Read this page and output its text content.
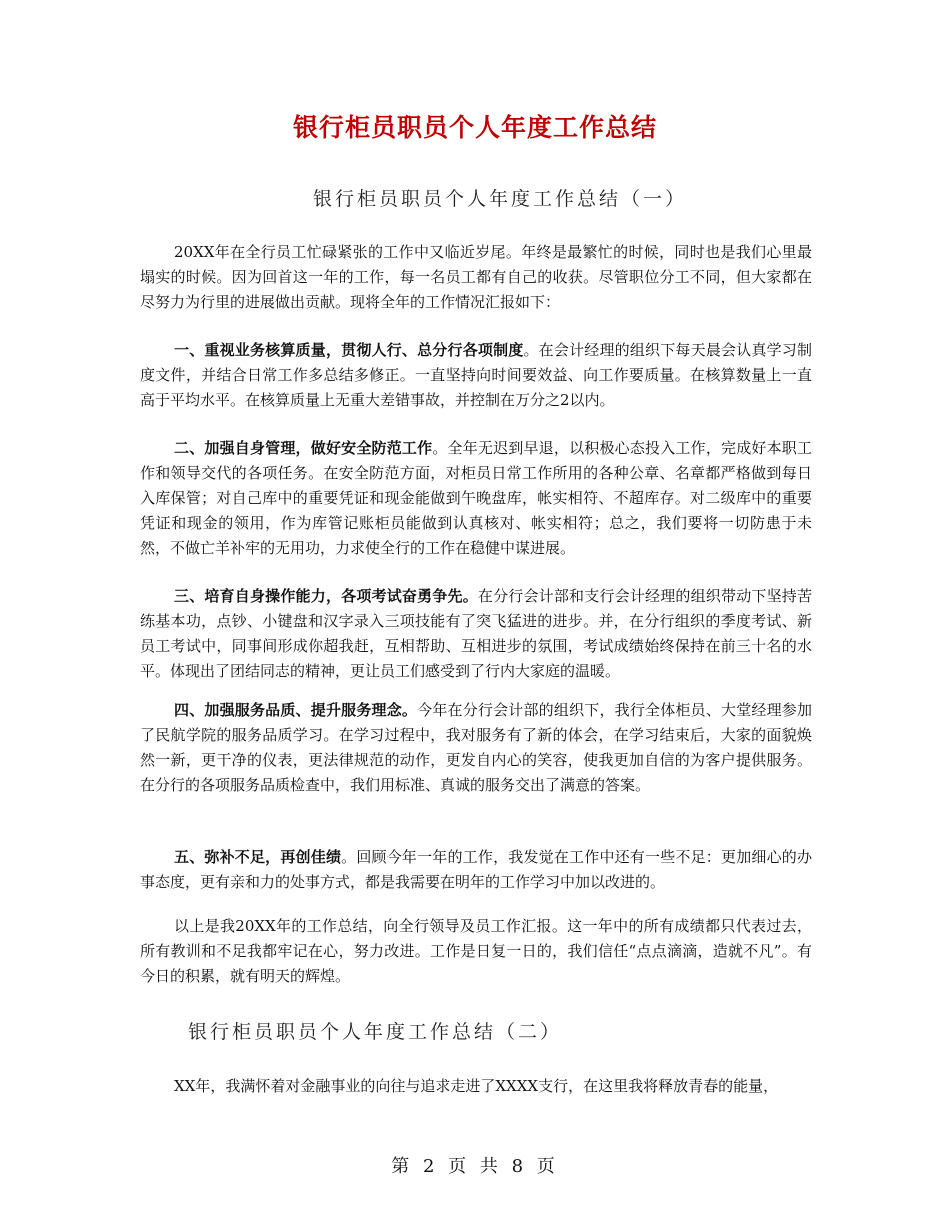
银行柜员职员个人年度工作总结
银行柜员职员个人年度工作总结（一）

20XX年在全行员工忙碌紧张的工作中又临近岁尾。年终是最繁忙的时候，同时也是我们心里最塌实的时候。因为回首这一年的工作，每一名员工都有自己的收获。尽管职位分工不同，但大家都在尽努力为行里的进展做出贡献。现将全年的工作情况汇报如下：

一、重视业务核算质量，贯彻人行、总分行各项制度。在会计经理的组织下每天晨会认真学习制度文件，并结合日常工作多总结多修正。一直坚持向时间要效益、向工作要质量。在核算数量上一直高于平均水平。在核算质量上无重大差错事故，并控制在万分之2以内。

二、加强自身管理，做好安全防范工作。全年无迟到早退，以积极心态投入工作，完成好本职工作和领导交代的各项任务。在安全防范方面，对柜员日常工作所用的各种公章、名章都严格做到每日入库保管；对自己库中的重要凭证和现金能做到午晚盘库，帐实相符、不超库存。对二级库中的重要凭证和现金的领用，作为库管记账柜员能做到认真核对、帐实相符；总之，我们要将一切防患于未然，不做亡羊补牢的无用功，力求使全行的工作在稳健中谋进展。

三、培育自身操作能力，各项考试奋勇争先。在分行会计部和支行会计经理的组织带动下坚持苦练基本功，点钞、小键盘和汉字录入三项技能有了突飞猛进的进步。并，在分行组织的季度考试、新员工考试中，同事间形成你超我赶，互相帮助、互相进步的氛围，考试成绩始终保持在前三十名的水平。体现出了团结同志的精神，更让员工们感受到了行内大家庭的温暖。

四、加强服务品质、提升服务理念。今年在分行会计部的组织下，我行全体柜员、大堂经理参加了民航学院的服务品质学习。在学习过程中，我对服务有了新的体会，在学习结束后，大家的面貌焕然一新，更干净的仪表，更法律规范的动作，更发自内心的笑容，使我更加自信的为客户提供服务。在分行的各项服务品质检查中，我们用标准、真诚的服务交出了满意的答案。

五、弥补不足，再创佳绩。回顾今年一年的工作，我发觉在工作中还有一些不足：更加细心的办事态度，更有亲和力的处事方式，都是我需要在明年的工作学习中加以改进的。

以上是我20XX年的工作总结，向全行领导及员工作汇报。这一年中的所有成绩都只代表过去，所有教训和不足我都牢记在心，努力改进。工作是日复一日的，我们信任“点点滴滴，造就不凡”。有今日的积累，就有明天的辉煌。

银行柜员职员个人年度工作总结（二）

XX年，我满怀着对金融事业的向往与追求走进了XXXX支行，在这里我将释放青春的能量，

第 2 页 共 8 页
